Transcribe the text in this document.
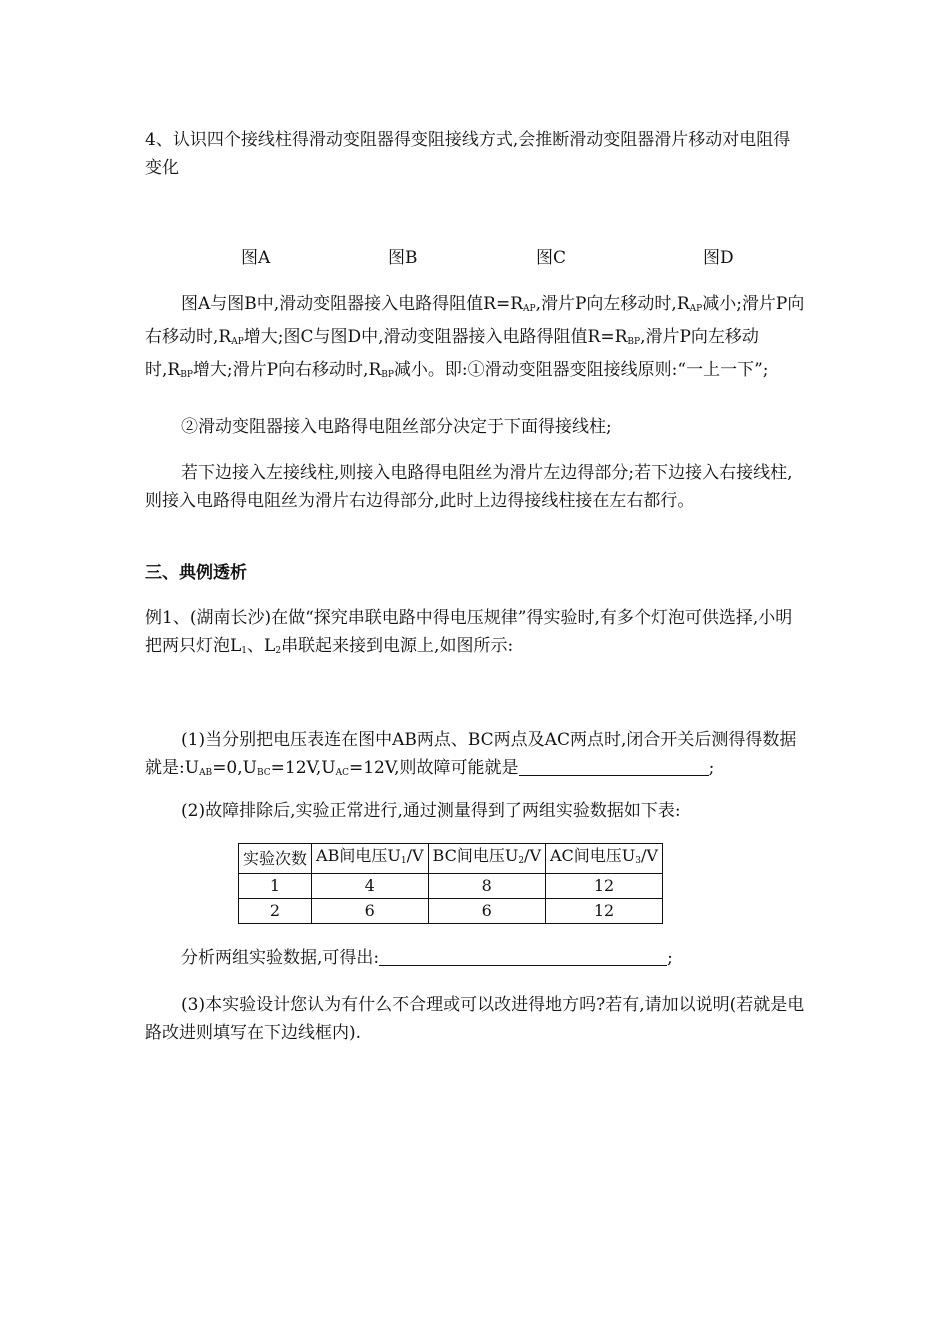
4、认识四个接线柱得滑动变阻器得变阻接线方式,会推断滑动变阻器滑片移动对电阻得变化

图A	图B	图C	图D

图A与图B中,滑动变阻器接入电路得阻值$R=R_{AP}$,滑片P向左移动时$,R_{AP}$减小;滑片P向右移动时$,R_{AP}$增大;图C与图D中,滑动变阻器接入电路得阻值$R=R_{BP}$,滑片P向左移动时$,R_{BP}$增大;滑片P向右移动时$,R_{BP}$减小。即:①滑动变阻器变阻接线原则:“一上一下”;

②滑动变阻器接入电路得电阻丝部分决定于下面得接线柱;

若下边接入左接线柱,则接入电路得电阻丝为滑片左边得部分;若下边接入右接线柱,则接入电路得电阻丝为滑片右边得部分,此时上边得接线柱接在左右都行。

三、典例透析

例1、(湖南长沙)在做“探究串联电路中得电压规律”得实验时,有多个灯泡可供选择,小明把两只灯泡$L_1$、$L_2$串联起来接到电源上,如图所示:

(1)当分别把电压表连在图中AB两点、BC两点及AC两点时,闭合开关后测得得数据就是$:U_{AB}=0,U_{BC}=12V,U_{AC}=12V$,则故障可能就是	;

(2)故障排除后,实验正常进行,通过测量得到了两组实验数据如下表:

实验次数	AB间电压$U_1/V$	BC间电压$U_2/V$	AC间电压$U_3/V$
1	4	8	12
2	6	6	12

分析两组实验数据,可得出:	;

(3)本实验设计您认为有什么不合理或可以改进得地方吗?若有,请加以说明(若就是电路改进则填写在下边线框内).
